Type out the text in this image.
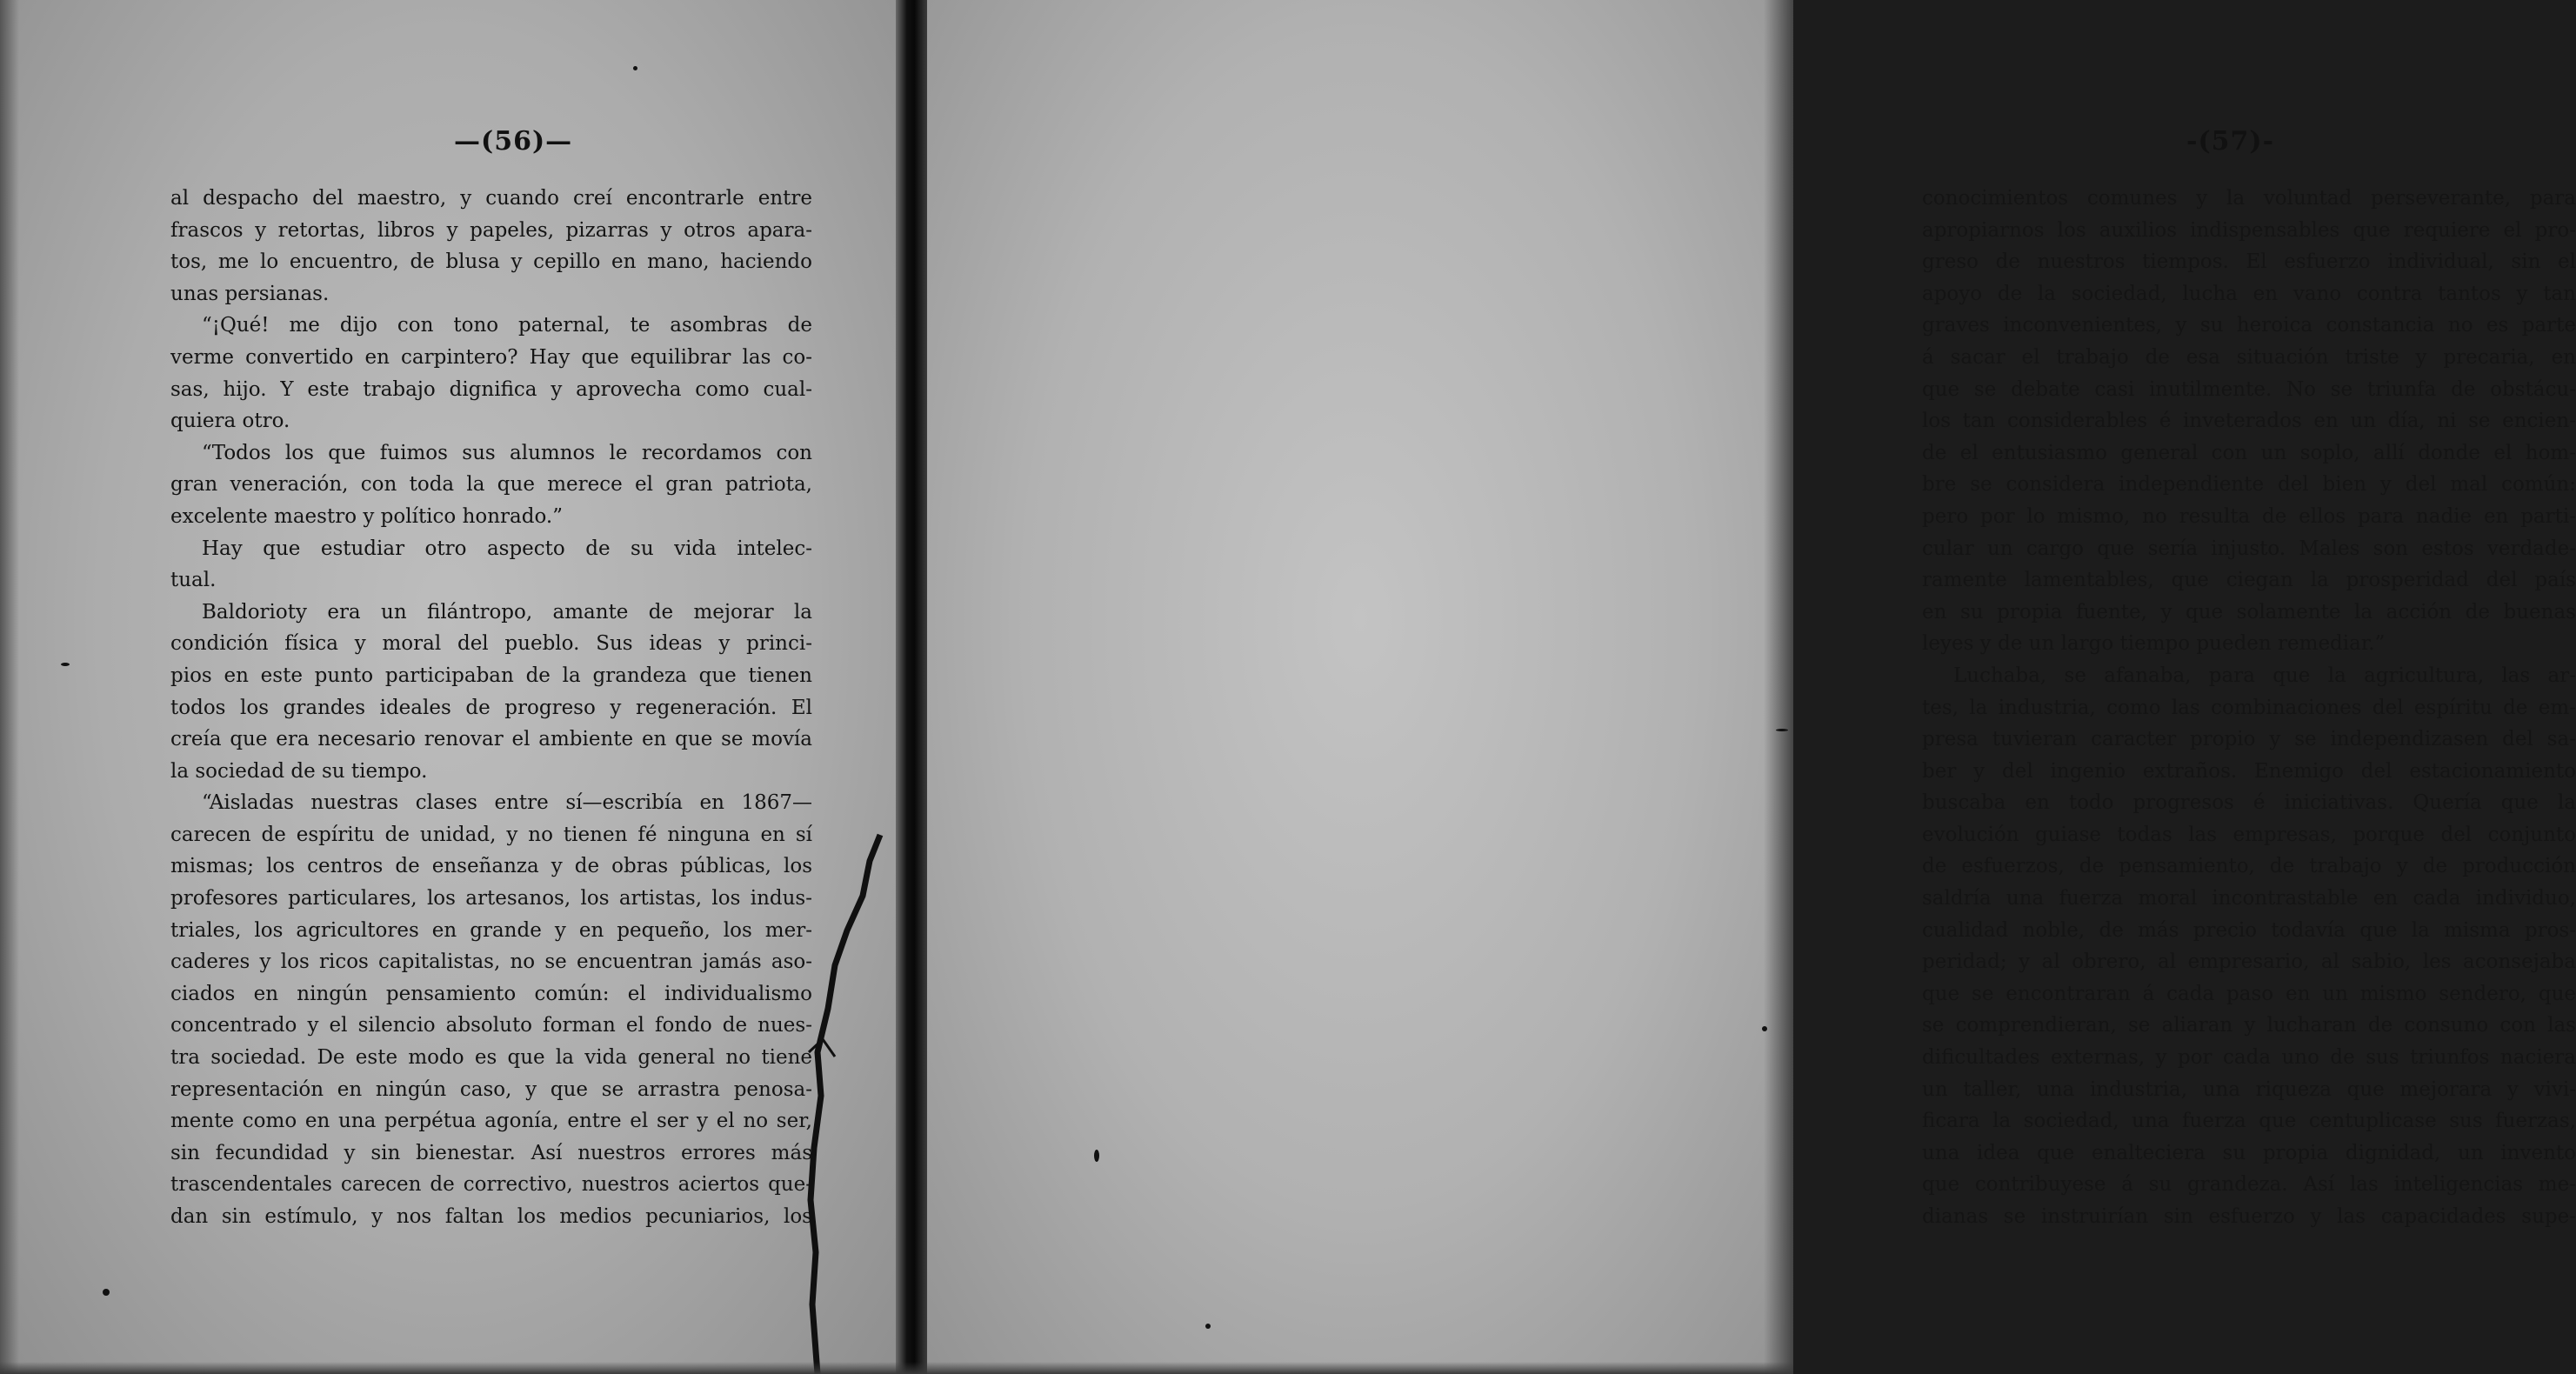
—(56)—
al despacho del maestro, y cuando creí encontrarle entre
frascos y retortas, libros y papeles, pizarras y otros apara-
tos, me lo encuentro, de blusa y cepillo en mano, haciendo
unas persianas.
“¡Qué! me dijo con tono paternal, te asombras de
verme convertido en carpintero? Hay que equilibrar las co-
sas, hijo. Y este trabajo dignifica y aprovecha como cual-
quiera otro.
“Todos los que fuimos sus alumnos le recordamos con
gran veneración, con toda la que merece el gran patriota,
excelente maestro y político honrado.”
Hay que estudiar otro aspecto de su vida intelec-
tual.
Baldorioty era un filántropo, amante de mejorar la
condición física y moral del pueblo. Sus ideas y princi-
pios en este punto participaban de la grandeza que tienen
todos los grandes ideales de progreso y regeneración. El
creía que era necesario renovar el ambiente en que se movía
la sociedad de su tiempo.
“Aisladas nuestras clases entre sí—escribía en 1867—
carecen de espíritu de unidad, y no tienen fé ninguna en sí
mismas; los centros de enseñanza y de obras públicas, los
profesores particulares, los artesanos, los artistas, los indus-
triales, los agricultores en grande y en pequeño, los mer-
caderes y los ricos capitalistas, no se encuentran jamás aso-
ciados en ningún pensamiento común: el individualismo
concentrado y el silencio absoluto forman el fondo de nues-
tra sociedad. De este modo es que la vida general no tiene
representación en ningún caso, y que se arrastra penosa-
mente como en una perpétua agonía, entre el ser y el no ser,
sin fecundidad y sin bienestar. Así nuestros errores más
trascendentales carecen de correctivo, nuestros aciertos que-
dan sin estímulo, y nos faltan los medios pecuniarios, los
-(57)-
conocimientos comunes y la voluntad perseverante, para
apropiarnos los auxilios indispensables que requiere el pro-
greso de nuestros tiempos. El esfuerzo individual, sin el
apoyo de la sociedad, lucha en vano contra tantos y tan
graves inconvenientes, y su heroica constancia no es parte
á sacar el trabajo de esa situación triste y precaria, en
que se debate casi inutilmente. No se triunfa de obstácu-
los tan considerables é inveterados en un día, ni se encien-
de el entusiasmo general con un soplo, allí donde el hom-
bre se considera independiente del bien y del mal común:
pero por lo mismo, no resulta de ellos para nadie en parti-
cular un cargo que sería injusto. Males son estos verdade-
ramente lamentables, que ciegan la prosperidad del país
en su propia fuente, y que solamente la acción de buenas
leyes y de un largo tiempo pueden remediar.”
Luchaba, se afanaba, para que la agricultura, las ar-
tes, la industria, como las combinaciones del espíritu de em-
presa tuvieran caracter propio y se independizasen del sa-
ber y del ingenio extraños. Enemigo del estacionamiento
buscaba en todo progresos é iniciativas. Quería que la
evolución guiase todas las empresas, porque del conjunto
de esfuerzos, de pensamiento, de trabajo y de producción
saldría una fuerza moral incontrastable en cada individuo,
cualidad noble, de más precio todavía que la misma pros-
peridad; y al obrero, al empresario, al sabio, les aconsejaba
que se encontraran á cada paso en un mismo sendero, que
se comprendieran, se aliaran y lucharan de consuno con las
dificultades externas, y por cada uno de sus triunfos naciera
un taller, una industria, una riqueza que mejorara y vivi-
ficara la sociedad, una fuerza que centuplicase sus fuerzas,
una idea que enalteciera su propia dignidad, un invento
que contribuyese á su grandeza. Así las inteligencias me-
dianas se instruirían sin esfuerzo y las capacidades supe-
